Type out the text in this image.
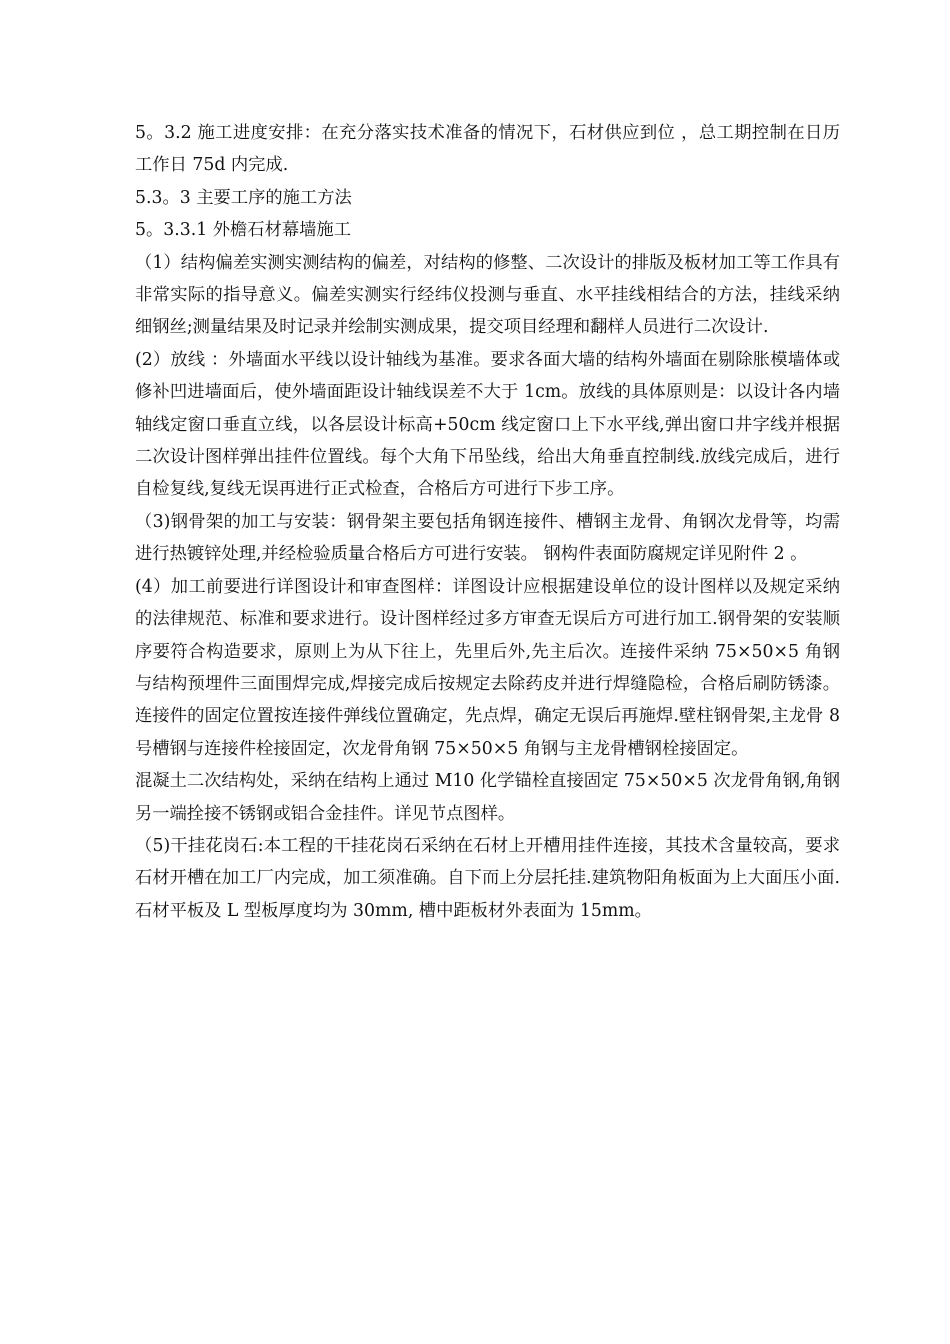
5。3.2 施工进度安排：在充分落实技术准备的情况下，石材供应到位 ，总工期控制在日历工作日 75d 内完成.

5.3。3 主要工序的施工方法

5。3.3.1 外檐石材幕墙施工

（1）结构偏差实测实测结构的偏差，对结构的修整、二次设计的排版及板材加工等工作具有非常实际的指导意义。偏差实测实行经纬仪投测与垂直、水平挂线相结合的方法，挂线采纳细钢丝;测量结果及时记录并绘制实测成果，提交项目经理和翻样人员进行二次设计.

(2）放线 ：外墙面水平线以设计轴线为基准。要求各面大墙的结构外墙面在剔除胀模墙体或修补凹进墙面后，使外墙面距设计轴线误差不大于 1cm。放线的具体原则是：以设计各内墙轴线定窗口垂直立线，以各层设计标高+50cm 线定窗口上下水平线,弹出窗口井字线并根据二次设计图样弹出挂件位置线。每个大角下吊坠线，给出大角垂直控制线.放线完成后，进行自检复线,复线无误再进行正式检查，合格后方可进行下步工序。

（3)钢骨架的加工与安装：钢骨架主要包括角钢连接件、槽钢主龙骨、角钢次龙骨等，均需进行热镀锌处理,并经检验质量合格后方可进行安装。 钢构件表面防腐规定详见附件 2 。

(4）加工前要进行详图设计和审查图样：详图设计应根据建设单位的设计图样以及规定采纳的法律规范、标准和要求进行。设计图样经过多方审查无误后方可进行加工.钢骨架的安装顺序要符合构造要求，原则上为从下往上，先里后外,先主后次。连接件采纳 75×50×5 角钢与结构预埋件三面围焊完成,焊接完成后按规定去除药皮并进行焊缝隐检，合格后刷防锈漆。连接件的固定位置按连接件弹线位置确定，先点焊，确定无误后再施焊.壁柱钢骨架,主龙骨 8 号槽钢与连接件栓接固定，次龙骨角钢 75×50×5 角钢与主龙骨槽钢栓接固定。

混凝土二次结构处，采纳在结构上通过 M10 化学锚栓直接固定 75×50×5 次龙骨角钢,角钢另一端拴接不锈钢或铝合金挂件。详见节点图样。

（5)干挂花岗石:本工程的干挂花岗石采纳在石材上开槽用挂件连接，其技术含量较高，要求石材开槽在加工厂内完成，加工须准确。自下而上分层托挂.建筑物阳角板面为上大面压小面.石材平板及 L 型板厚度均为 30mm, 槽中距板材外表面为 15mm。
